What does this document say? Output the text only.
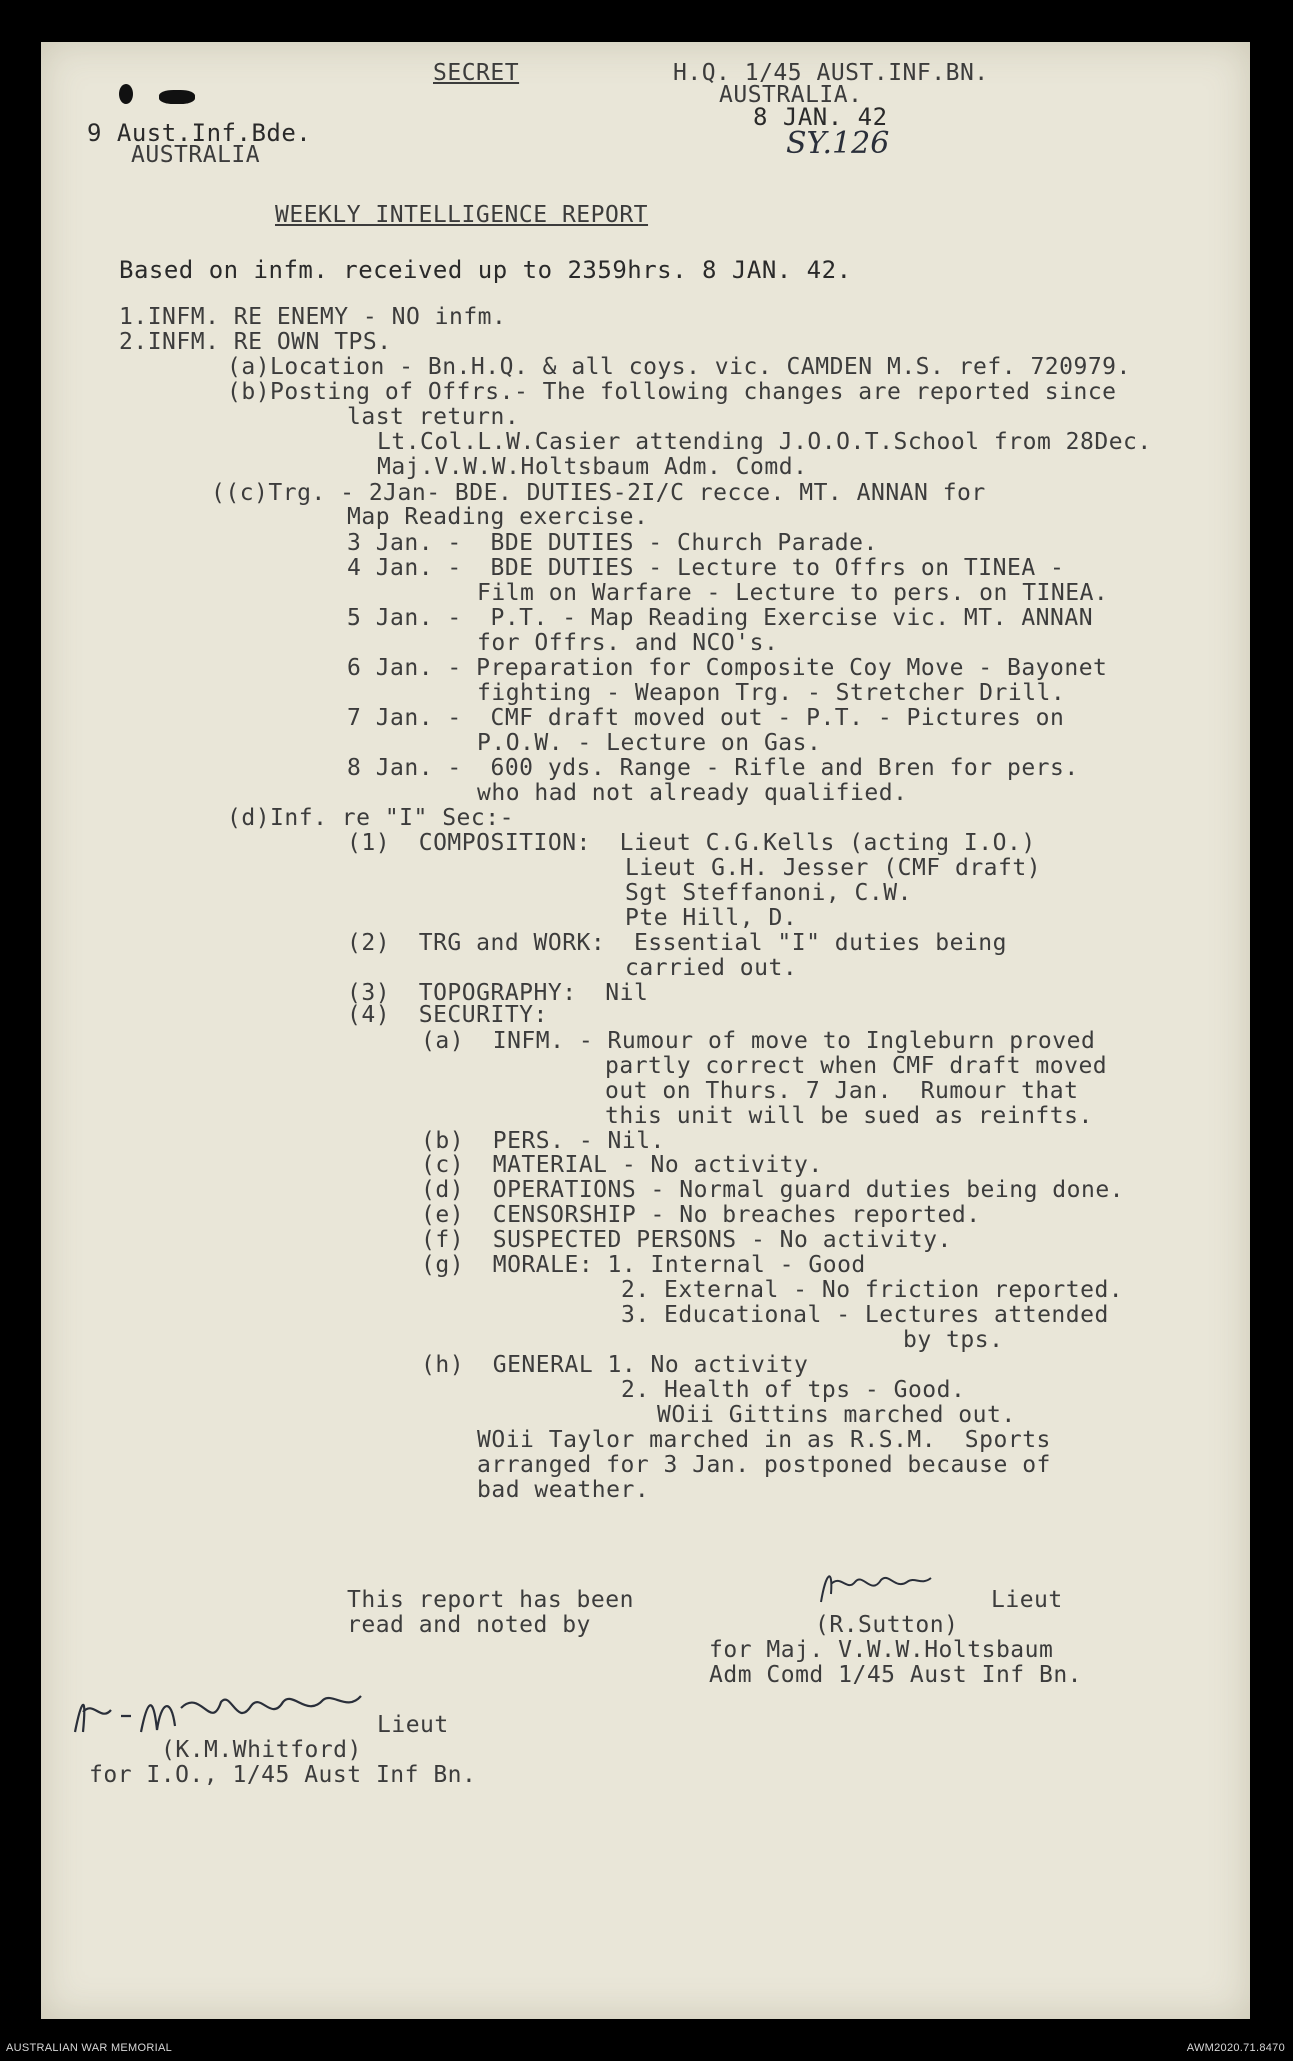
SECRET	H.Q. 1/45 AUST.INF.BN.
AUSTRALIA.
8 JAN. 42
SY.126
9 Aust.Inf.Bde.
AUSTRALIA
WEEKLY INTELLIGENCE REPORT
Based on infm. received up to 2359hrs. 8 JAN. 42.
1.INFM. RE ENEMY - NO infm.
2.INFM. RE OWN TPS.
(a)Location - Bn.H.Q. & all coys. vic. CAMDEN M.S. ref. 720979.
(b)Posting of Offrs.- The following changes are reported since
last return.
Lt.Col.L.W.Casier attending J.O.O.T.School from 28Dec.
Maj.V.W.W.Holtsbaum Adm. Comd.
((c)Trg. - 2Jan- BDE. DUTIES-2I/C recce. MT. ANNAN for
Map Reading exercise.
3 Jan. -  BDE DUTIES - Church Parade.
4 Jan. -  BDE DUTIES - Lecture to Offrs on TINEA -
Film on Warfare - Lecture to pers. on TINEA.
5 Jan. -  P.T. - Map Reading Exercise vic. MT. ANNAN
for Offrs. and NCO's.
6 Jan. - Preparation for Composite Coy Move - Bayonet
fighting - Weapon Trg. - Stretcher Drill.
7 Jan. -  CMF draft moved out - P.T. - Pictures on
P.O.W. - Lecture on Gas.
8 Jan. -  600 yds. Range - Rifle and Bren for pers.
who had not already qualified.
(d)Inf. re "I" Sec:-
(1)  COMPOSITION:  Lieut C.G.Kells (acting I.O.)
Lieut G.H. Jesser (CMF draft)
Sgt Steffanoni, C.W.
Pte Hill, D.
(2)  TRG and WORK:  Essential "I" duties being
carried out.
(3)  TOPOGRAPHY:  Nil
(4)  SECURITY:
(a)  INFM. - Rumour of move to Ingleburn proved
partly correct when CMF draft moved
out on Thurs. 7 Jan.  Rumour that
this unit will be sued as reinfts.
(b)  PERS. - Nil.
(c)  MATERIAL - No activity.
(d)  OPERATIONS - Normal guard duties being done.
(e)  CENSORSHIP - No breaches reported.
(f)  SUSPECTED PERSONS - No activity.
(g)  MORALE: 1. Internal - Good
2. External - No friction reported.
3. Educational - Lectures attended
by tps.
(h)  GENERAL 1. No activity
2. Health of tps - Good.
WOii Gittins marched out.
WOii Taylor marched in as R.S.M.  Sports
arranged for 3 Jan. postponed because of
bad weather.
This report has been
read and noted by
Lieut
(R.Sutton)
for Maj. V.W.W.Holtsbaum
Adm Comd 1/45 Aust Inf Bn.
Lieut
(K.M.Whitford)
for I.O., 1/45 Aust Inf Bn.
AUSTRALIAN WAR MEMORIAL	AWM2020.71.8470
